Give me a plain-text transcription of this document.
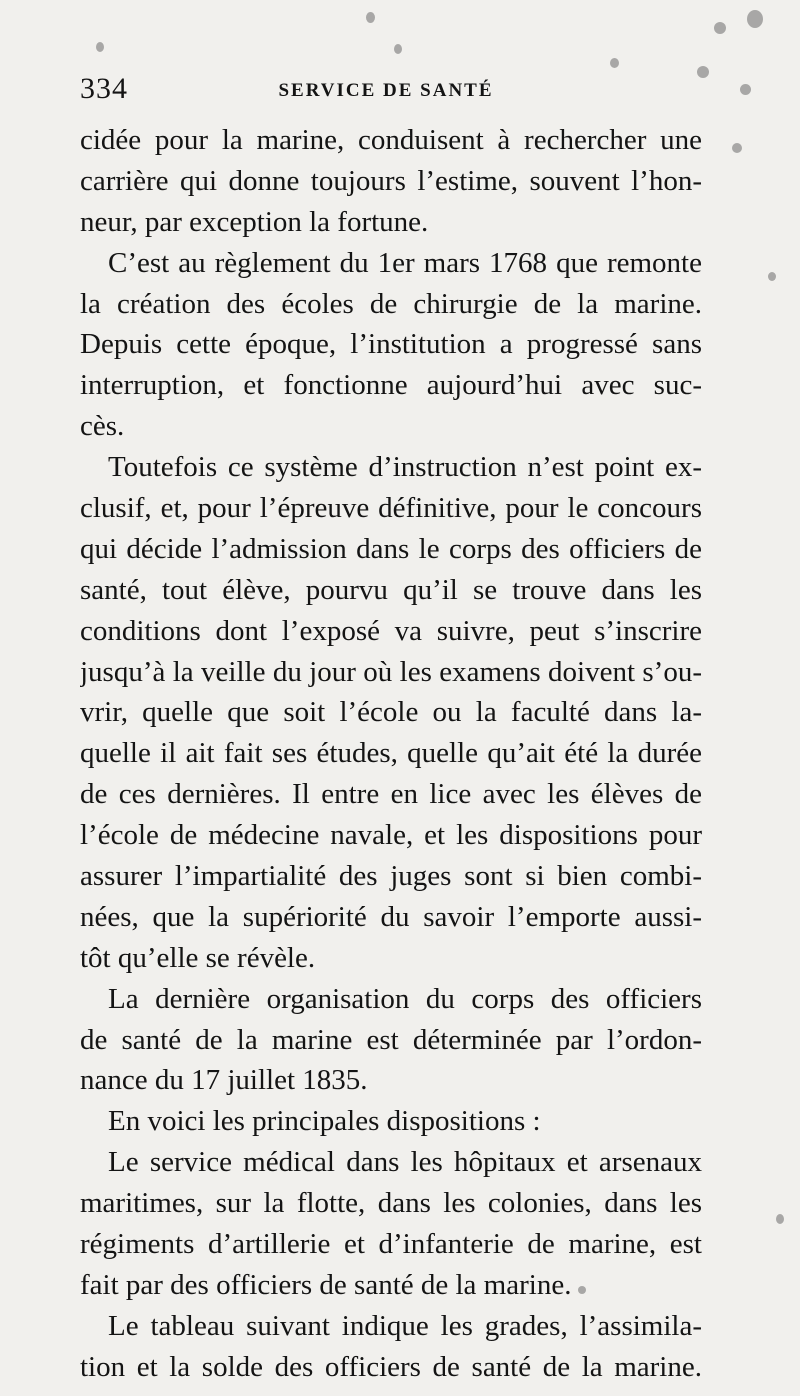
334	SERVICE DE SANTÉ
cidée pour la marine, conduisent à rechercher une
carrière qui donne toujours l’estime, souvent l’hon-
neur, par exception la fortune.
C’est au règlement du 1er mars 1768 que remonte
la création des écoles de chirurgie de la marine.
Depuis cette époque, l’institution a progressé sans
interruption, et fonctionne aujourd’hui avec suc-
cès.
Toutefois ce système d’instruction n’est point ex-
clusif, et, pour l’épreuve définitive, pour le concours
qui décide l’admission dans le corps des officiers de
santé, tout élève, pourvu qu’il se trouve dans les
conditions dont l’exposé va suivre, peut s’inscrire
jusqu’à la veille du jour où les examens doivent s’ou-
vrir, quelle que soit l’école ou la faculté dans la-
quelle il ait fait ses études, quelle qu’ait été la durée
de ces dernières. Il entre en lice avec les élèves de
l’école de médecine navale, et les dispositions pour
assurer l’impartialité des juges sont si bien combi-
nées, que la supériorité du savoir l’emporte aussi-
tôt qu’elle se révèle.
La dernière organisation du corps des officiers
de santé de la marine est déterminée par l’ordon-
nance du 17 juillet 1835.
En voici les principales dispositions :
Le service médical dans les hôpitaux et arsenaux
maritimes, sur la flotte, dans les colonies, dans les
régiments d’artillerie et d’infanterie de marine, est
fait par des officiers de santé de la marine.
Le tableau suivant indique les grades, l’assimila-
tion et la solde des officiers de santé de la marine.
